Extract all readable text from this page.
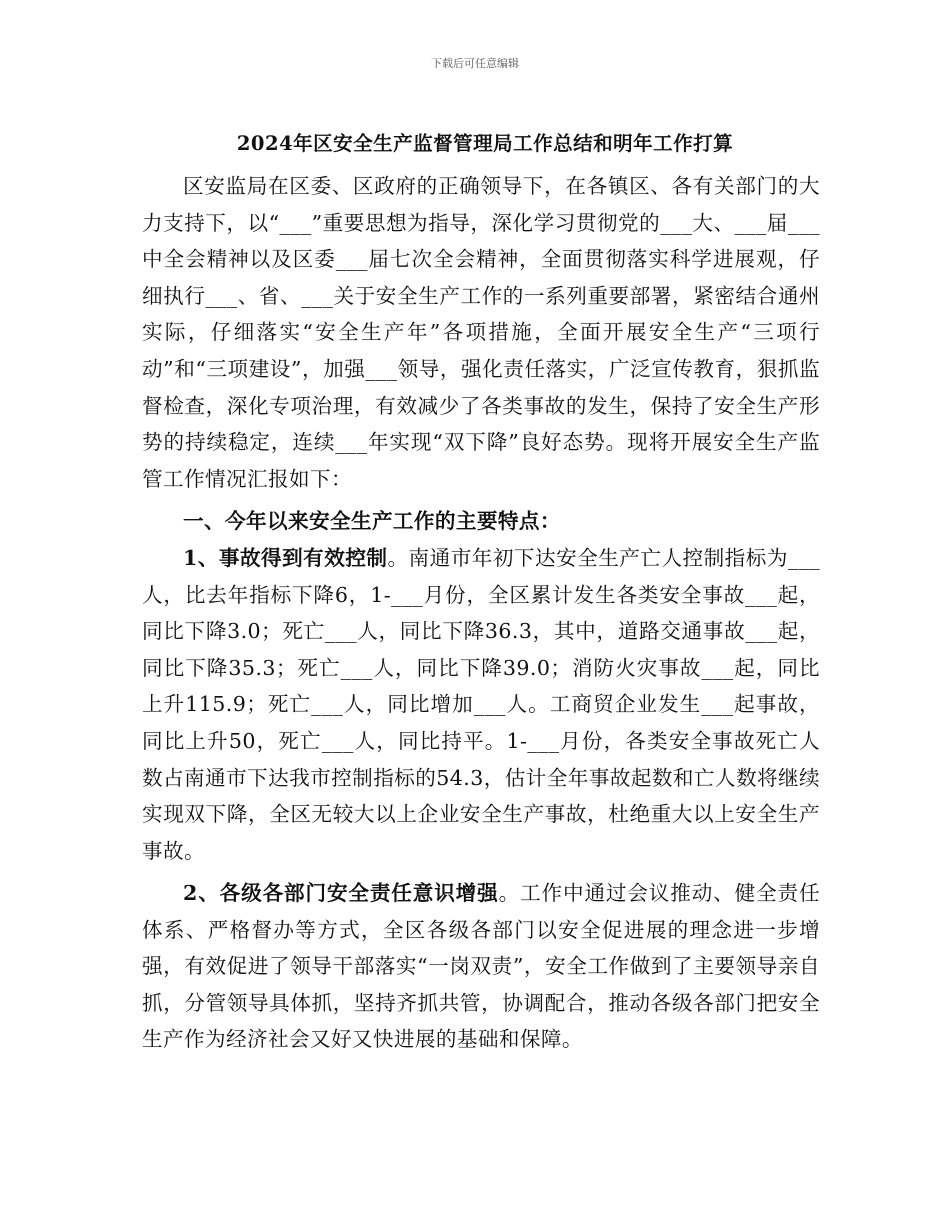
下载后可任意编辑
2024年区安全生产监督管理局工作总结和明年工作打算

区安监局在区委、区政府的正确领导下，在各镇区、各有关部门的大力支持下，以“___”重要思想为指导，深化学习贯彻党的___大、___届___中全会精神以及区委___届七次全会精神，全面贯彻落实科学进展观，仔细执行___、省、___关于安全生产工作的一系列重要部署，紧密结合通州实际，仔细落实“安全生产年”各项措施，全面开展安全生产“三项行动”和“三项建设”，加强___领导，强化责任落实，广泛宣传教育，狠抓监督检查，深化专项治理，有效减少了各类事故的发生，保持了安全生产形势的持续稳定，连续___年实现“双下降”良好态势。现将开展安全生产监管工作情况汇报如下：

一、今年以来安全生产工作的主要特点：

1、事故得到有效控制。南通市年初下达安全生产亡人控制指标为___人，比去年指标下降6，1-___月份，全区累计发生各类安全事故___起，同比下降3.0；死亡___人，同比下降36.3，其中，道路交通事故___起，同比下降35.3；死亡___人，同比下降39.0；消防火灾事故___起，同比上升115.9；死亡___人，同比增加___人。工商贸企业发生___起事故，同比上升50，死亡___人，同比持平。1-___月份，各类安全事故死亡人数占南通市下达我市控制指标的54.3，估计全年事故起数和亡人数将继续实现双下降，全区无较大以上企业安全生产事故，杜绝重大以上安全生产事故。

2、各级各部门安全责任意识增强。工作中通过会议推动、健全责任体系、严格督办等方式，全区各级各部门以安全促进展的理念进一步增强，有效促进了领导干部落实“一岗双责”，安全工作做到了主要领导亲自抓，分管领导具体抓，坚持齐抓共管，协调配合，推动各级各部门把安全生产作为经济社会又好又快进展的基础和保障。
